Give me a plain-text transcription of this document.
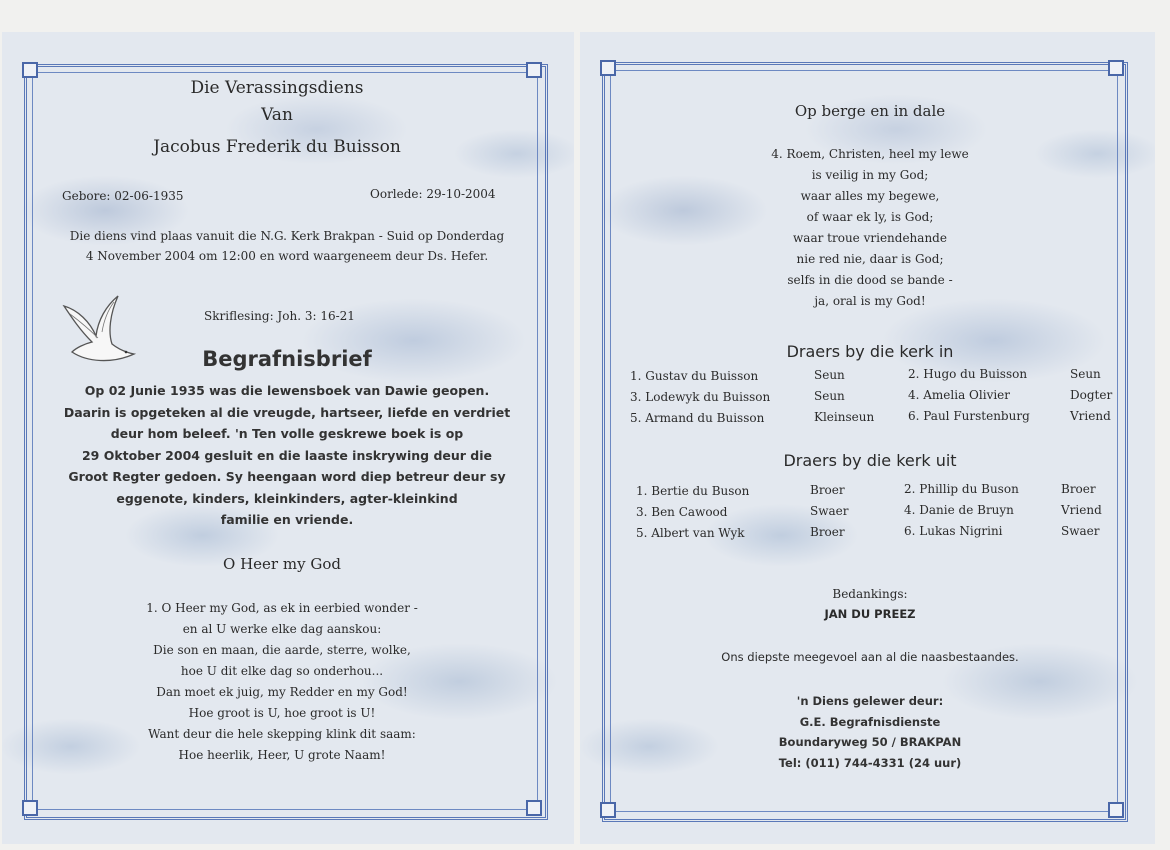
Die Verassingsdiens
Van
Jacobus Frederik du Buisson
Gebore: 02-06-1935	Oorlede: 29-10-2004
Die diens vind plaas vanuit die N.G. Kerk Brakpan - Suid op Donderdag
4 November 2004 om 12:00 en word waargeneem deur Ds. Hefer.
Skriflesing: Joh. 3: 16-21
Begrafnisbrief
Op 02 Junie 1935 was die lewensboek van Dawie geopen.
Daarin is opgeteken al die vreugde, hartseer, liefde en verdriet
deur hom beleef. 'n Ten volle geskrewe boek is op
29 Oktober 2004 gesluit en die laaste inskrywing deur die
Groot Regter gedoen. Sy heengaan word diep betreur deur sy
eggenote, kinders, kleinkinders, agter-kleinkind
familie en vriende.
O Heer my God
1. O Heer my God, as ek in eerbied wonder -
en al U werke elke dag aanskou:
Die son en maan, die aarde, sterre, wolke,
hoe U dit elke dag so onderhou...
Dan moet ek juig, my Redder en my God!
Hoe groot is U, hoe groot is U!
Want deur die hele skepping klink dit saam:
Hoe heerlik, Heer, U grote Naam!
Op berge en in dale
4. Roem, Christen, heel my lewe
is veilig in my God;
waar alles my begewe,
of waar ek ly, is God;
waar troue vriendehande
nie red nie, daar is God;
selfs in die dood se bande -
ja, oral is my God!
Draers by die kerk in
1. Gustav du Buisson	Seun	2. Hugo du Buisson	Seun
3. Lodewyk du Buisson	Seun	4. Amelia Olivier	Dogter
5. Armand du Buisson	Kleinseun	6. Paul Furstenburg	Vriend
Draers by die kerk uit
1. Bertie du Buson	Broer	2. Phillip du Buson	Broer
3. Ben Cawood	Swaer	4. Danie de Bruyn	Vriend
5. Albert van Wyk	Broer	6. Lukas Nigrini	Swaer
Bedankings:
JAN DU PREEZ
Ons diepste meegevoel aan al die naasbestaandes.
'n Diens gelewer deur:
G.E. Begrafnisdienste
Boundaryweg 50 / BRAKPAN
Tel: (011) 744-4331 (24 uur)
